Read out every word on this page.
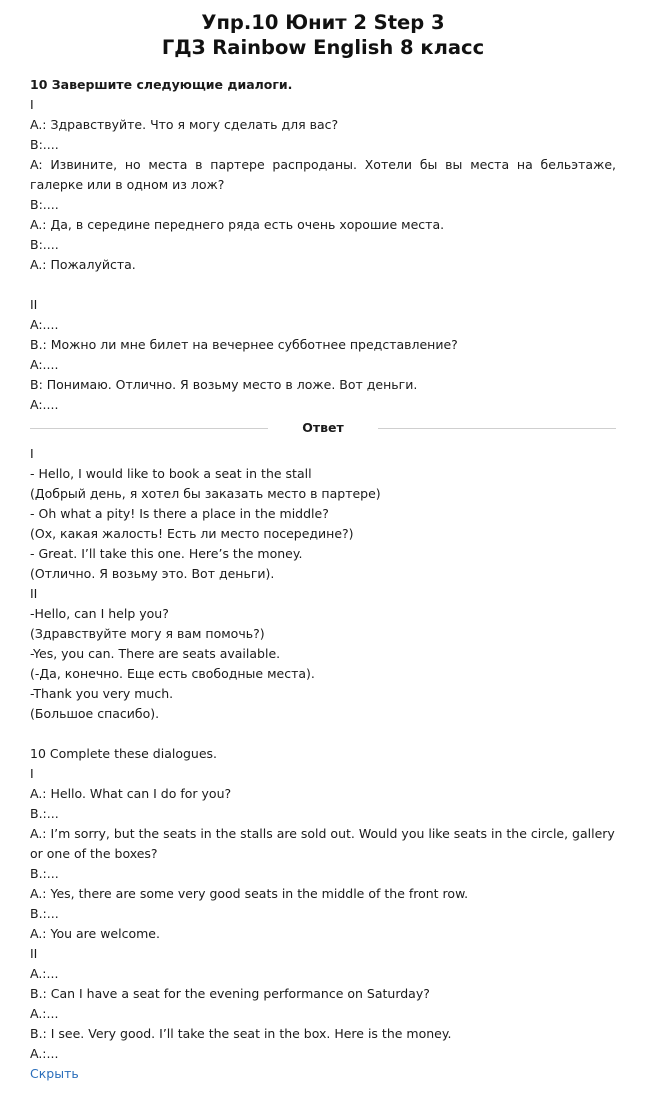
Упр.10 Юнит 2 Step 3
ГДЗ Rainbow English 8 класс
10 Завершите следующие диалоги.
I
A.: Здравствуйте. Что я могу сделать для вас?
B:....
A: Извините, но места в партере распроданы. Хотели бы вы места на бельэтаже, галерке или в одном из лож?
B:....
A.: Да, в середине переднего ряда есть очень хорошие места.
B:....
A.: Пожалуйста.
II
A:....
B.: Можно ли мне билет на вечернее субботнее представление?
A:....
B: Понимаю. Отлично. Я возьму место в ложе. Вот деньги.
A:....
Ответ
I
- Hello, I would like to book a seat in the stall
(Добрый день, я хотел бы заказать место в партере)
- Oh what a pity! Is there a place in the middle?
(Ох, какая жалость! Есть ли место посередине?)
- Great. I’ll take this one. Here’s the money.
(Отлично. Я возьму это. Вот деньги).
II
-Hello, can I help you?
(Здравствуйте могу я вам помочь?)
-Yes, you can. There are seats available.
(-Да, конечно. Еще есть свободные места).
-Thank you very much.
(Большое спасибо).
10 Complete these dialogues.
I
A.: Hello. What can I do for you?
B.:...
A.: I’m sorry, but the seats in the stalls are sold out. Would you like seats in the circle, gallery or one of the boxes?
B.:...
A.: Yes, there are some very good seats in the middle of the front row.
B.:...
A.: You are welcome.
II
A.:...
B.: Can I have a seat for the evening performance on Saturday?
A.:...
B.: I see. Very good. I’ll take the seat in the box. Here is the money.
A.:...
Скрыть
